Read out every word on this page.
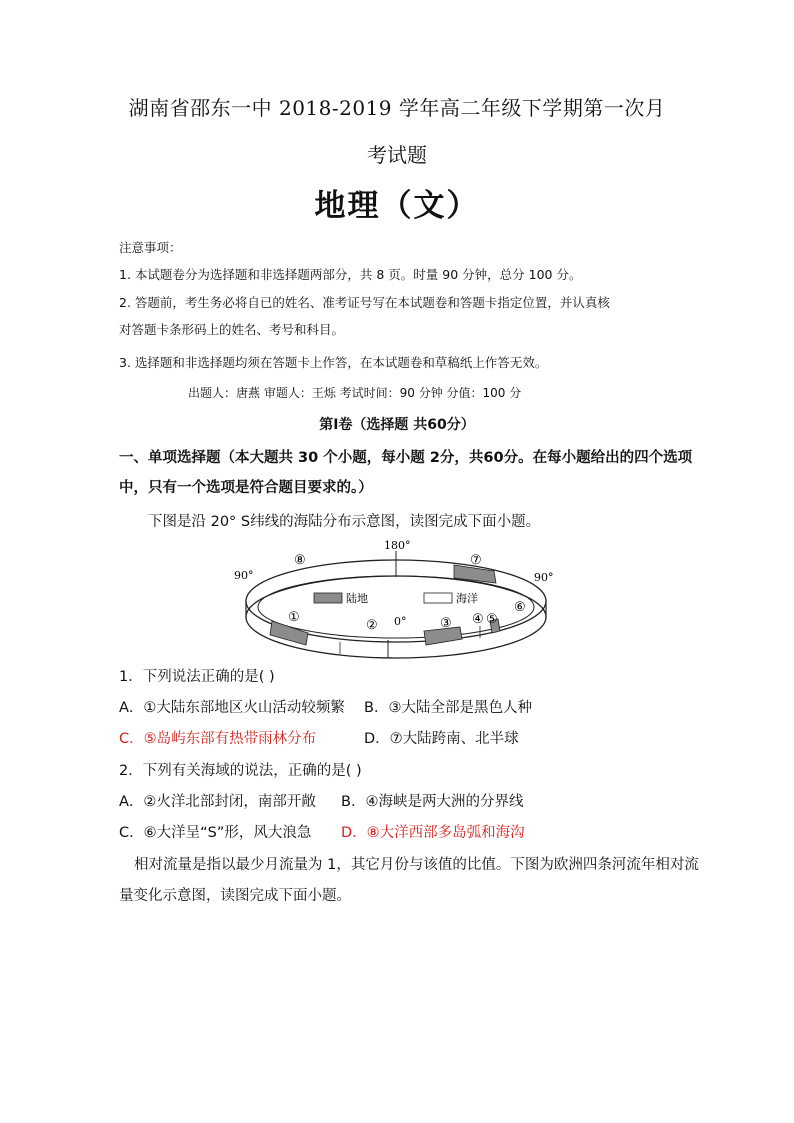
湖南省邵东一中 2018-2019 学年高二年级下学期第一次月
考试题
地理（文）
注意事项：
1. 本试题卷分为选择题和非选择题两部分，共 8 页。时量 90 分钟，总分 100 分。
2. 答题前，考生务必将自已的姓名、准考证号写在本试题卷和答题卡指定位置，并认真核
对答题卡条形码上的姓名、考号和科目。
3. 选择题和非选择题均须在答题卡上作答，在本试题卷和草稿纸上作答无效。
出题人：唐燕 审题人：王烁 考试时间：90 分钟 分值：100 分
第Ⅰ卷（选择题 共60分）
一、单项选择题（本大题共 30 个小题，每小题 2分，共60分。在每小题给出的四个选项
中，只有一个选项是符合题目要求的。）
下图是沿 20° S纬线的海陆分布示意图，读图完成下面小题。
陆地	海洋
180°
90°	90°
0°
⑧	⑦
①
②	③ ④ ⑤
⑥
1．下列说法正确的是( )
A．①大陆东部地区火山活动较频繁 B．③大陆全部是黑色人种
C．⑤岛屿东部有热带雨林分布	D．⑦大陆跨南、北半球
2．下列有关海域的说法，正确的是( )
A．②火洋北部封闭，南部开敞 B．④海峡是两大洲的分界线
C．⑥大洋呈“S”形，风大浪急 D．⑧大洋西部多岛弧和海沟
相对流量是指以最少月流量为 1，其它月份与该值的比值。下图为欧洲四条河流年相对流
量变化示意图，读图完成下面小题。
